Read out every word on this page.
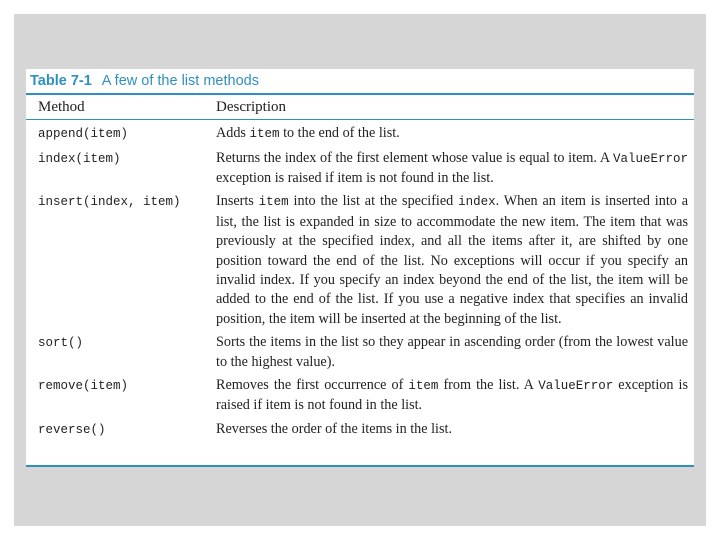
Table 7-1 A few of the list methods
Method	Description
append(item)	Adds item to the end of the list.
index(item)	Returns the index of the first element whose value is equal to item. A ValueError exception is raised if item is not found in the list.
insert(index, item)	Inserts item into the list at the specified index. When an item is inserted into a list, the list is expanded in size to accommodate the new item. The item that was previously at the specified index, and all the items after it, are shifted by one position toward the end of the list. No exceptions will occur if you specify an invalid index. If you specify an index beyond the end of the list, the item will be added to the end of the list. If you use a negative index that specifies an invalid position, the item will be inserted at the beginning of the list.
sort()	Sorts the items in the list so they appear in ascending order (from the lowest value to the highest value).
remove(item)	Removes the first occurrence of item from the list. A ValueError exception is raised if item is not found in the list.
reverse()	Reverses the order of the items in the list.
